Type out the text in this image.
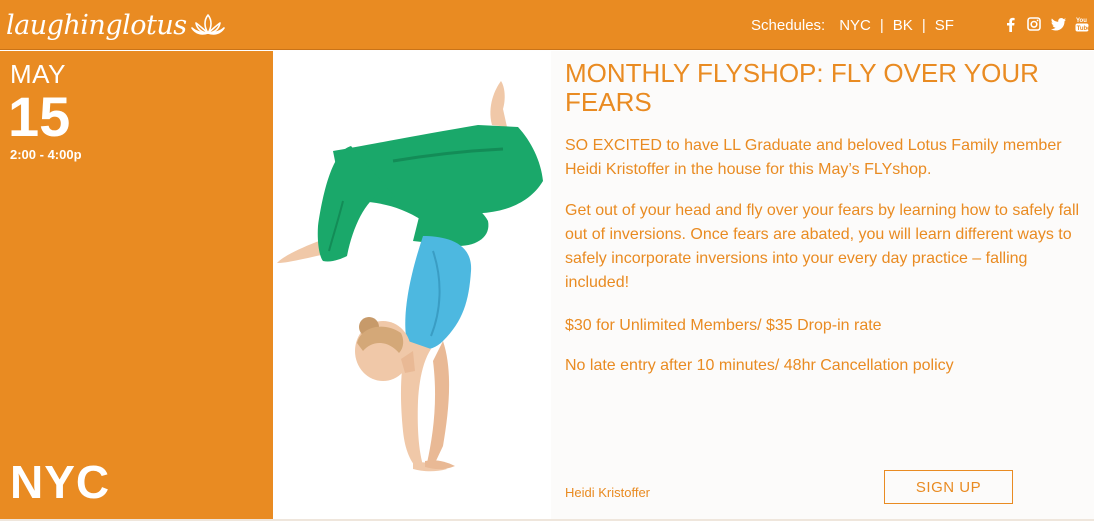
laughinglotus	Schedules: NYC | BK | SF	You
Tube
MAY
15
2:00 - 4:00p
NYC
MONTHLY FLYSHOP: FLY OVER YOUR FEARS
SO EXCITED to have LL Graduate and beloved Lotus Family member Heidi Kristoffer in the house for this May’s FLYshop.
Get out of your head and fly over your fears by learning how to safely fall out of inversions. Once fears are abated, you will learn different ways to safely incorporate inversions into your every day practice – falling included!
$30 for Unlimited Members/ $35 Drop-in rate
No late entry after 10 minutes/ 48hr Cancellation policy
Heidi Kristoffer	SIGN UP
